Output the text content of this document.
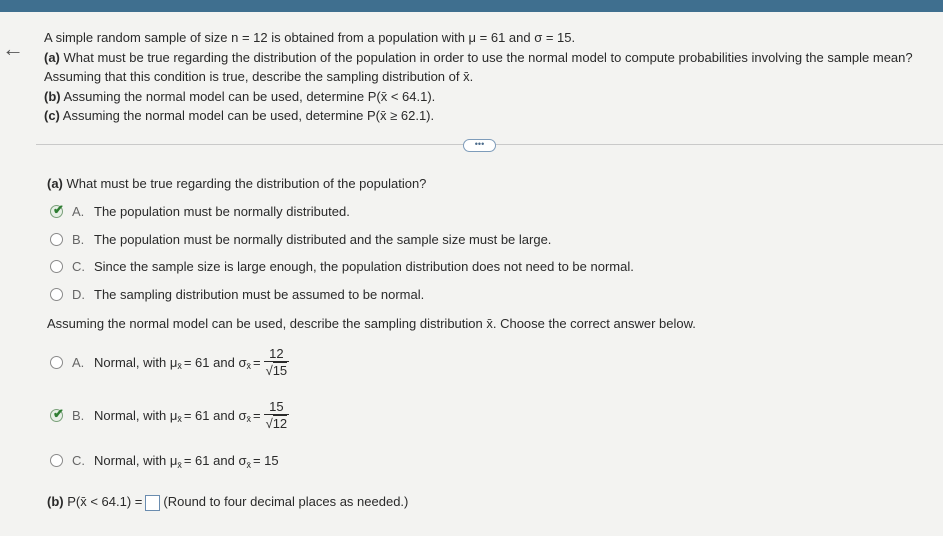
← A simple random sample of size n = 12 is obtained from a population with μ = 61 and σ = 15.

(a) What must be true regarding the distribution of the population in order to use the normal model to compute probabilities involving the sample mean?

Assuming that this condition is true, describe the sampling distribution of x̄.

(b) Assuming the normal model can be used, determine P(x̄ < 64.1).

(c) Assuming the normal model can be used, determine P(x̄ ≥ 62.1).

•••
(a) What must be true regarding the distribution of the population?
✔ A. The population must be normally distributed.
B. The population must be normally distributed and the sample size must be large.
C. Since the sample size is large enough, the population distribution does not need to be normal.
D. The sampling distribution must be assumed to be normal.
Assuming the normal model can be used, describe the sampling distribution x̄. Choose the correct answer below.
A. Normal, with μ x̄ = 61
and σ x̄ = $\frac{12}{√15}$
✔ B. Normal, with μ x̄ = 61
and σ x̄ = $\frac{15}{√12}$
C. Normal, with μ x̄ = 61
and σ x̄ = 15
(b) P(x̄ < 64.1) = (Round to four decimal places as needed.)
